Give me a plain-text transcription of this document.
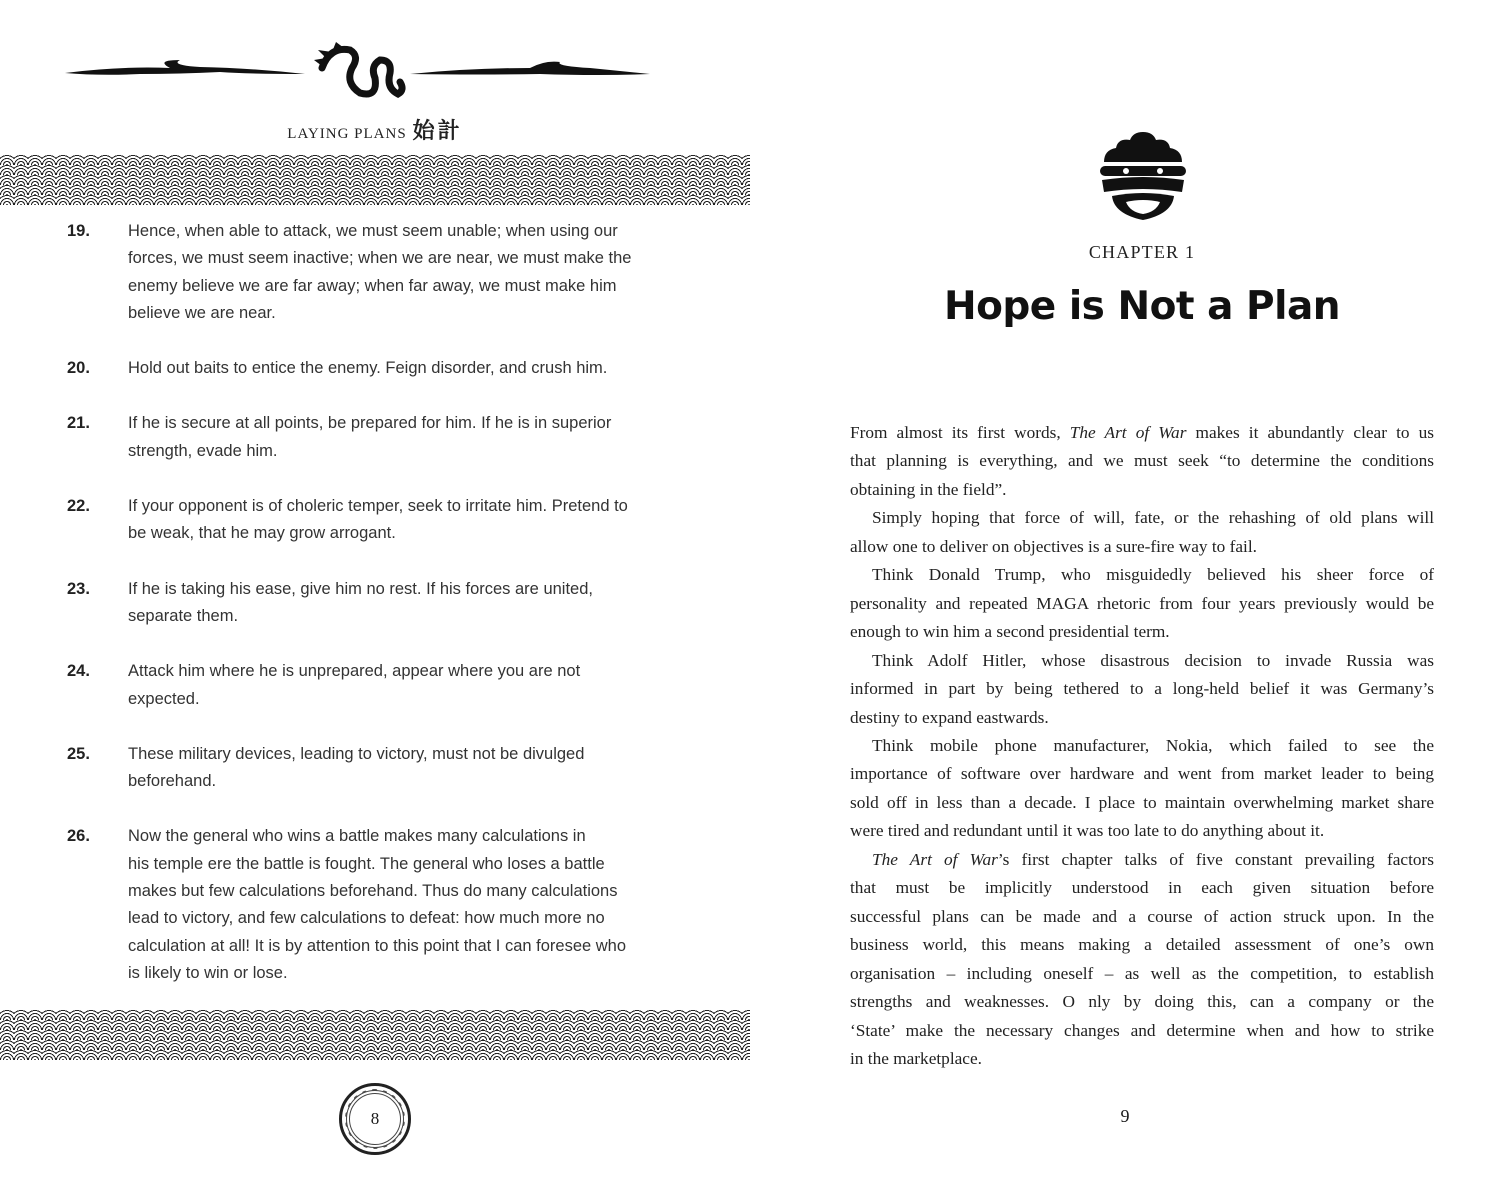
LAYING PLANS 始計
19.	Hence, when able to attack, we must seem unable; when using our
forces, we must seem inactive; when we are near, we must make the
enemy believe we are far away; when far away, we must make him
believe we are near.
20.	Hold out baits to entice the enemy. Feign disorder, and crush him.
21.	If he is secure at all points, be prepared for him. If he is in superior
strength, evade him.
22.	If your opponent is of choleric temper, seek to irritate him. Pretend to
be weak, that he may grow arrogant.
23.	If he is taking his ease, give him no rest. If his forces are united,
separate them.
24.	Attack him where he is unprepared, appear where you are not
expected.
25.	These military devices, leading to victory, must not be divulged
beforehand.
26.	Now the general who wins a battle makes many calculations in
his temple ere the battle is fought. The general who loses a battle
makes but few calculations beforehand. Thus do many calculations
lead to victory, and few calculations to defeat: how much more no
calculation at all! It is by attention to this point that I can foresee who
is likely to win or lose.
8
CHAPTER 1
Hope is Not a Plan
From almost its first words, The Art of War makes it abundantly clear to us
that planning is everything, and we must seek “to determine the conditions
obtaining in the field”.
Simply hoping that force of will, fate, or the rehashing of old plans will
allow one to deliver on objectives is a sure-fire way to fail.
Think Donald Trump, who misguidedly believed his sheer force of
personality and repeated MAGA rhetoric from four years previously would be
enough to win him a second presidential term.
Think Adolf Hitler, whose disastrous decision to invade Russia was
informed in part by being tethered to a long-held belief it was Germany’s
destiny to expand eastwards.
Think mobile phone manufacturer, Nokia, which failed to see the
importance of software over hardware and went from market leader to being
sold off in less than a decade. I place to maintain overwhelming market share
were tired and redundant until it was too late to do anything about it.
The Art of War’s first chapter talks of five constant prevailing factors
that must be implicitly understood in each given situation before
successful plans can be made and a course of action struck upon. In the
business world, this means making a detailed assessment of one’s own
organisation – including oneself – as well as the competition, to establish
strengths and weaknesses. O nly by doing this, can a company or the
‘State’ make the necessary changes and determine when and how to strike
in the marketplace.
9
